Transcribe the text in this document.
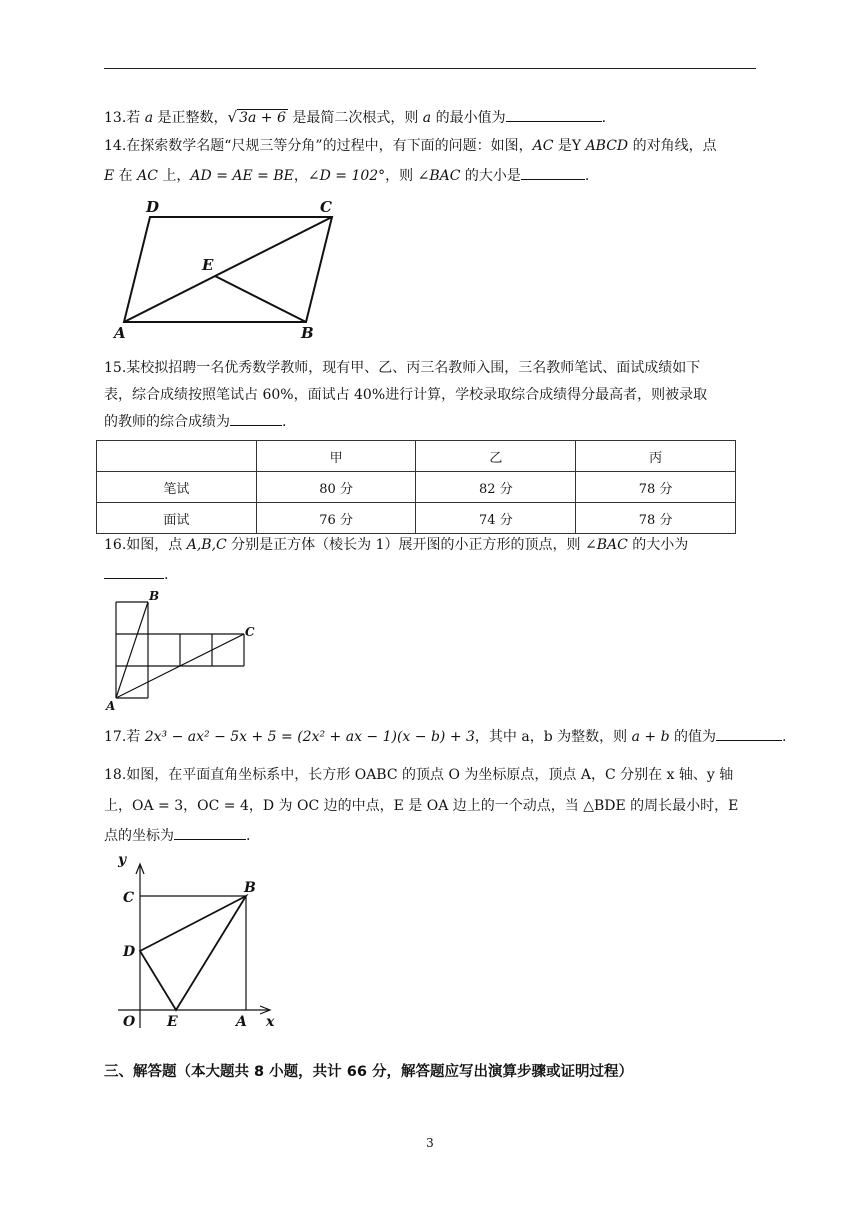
13.若 a 是正整数，√ 3a + 6 是最简二次根式，则 a 的最小值为	.
14.在探索数学名题“尺规三等分角”的过程中，有下面的问题：如图，AC 是Y ABCD 的对角线，点
E 在 AC 上，AD = AE = BE，∠D = 102°，则 ∠BAC 的大小是	.
A	B
C
D
E
15.某校拟招聘一名优秀数学教师，现有甲、乙、丙三名教师入围，三名教师笔试、面试成绩如下
表，综合成绩按照笔试占 60%，面试占 40%进行计算，学校录取综合成绩得分最高者，则被录取
的教师的综合成绩为	.
	甲	乙	丙
笔试	80 分	82 分	78 分
面试	76 分	74 分	78 分
16.如图，点 A,B,C 分别是正方体（棱长为 1）展开图的小正方形的顶点，则 ∠BAC 的大小为
.
A
B
C
17.若 2x³ − ax² − 5x + 5 = (2x² + ax − 1)(x − b) + 3，其中 a，b 为整数，则 a + b 的值为	.
18.如图，在平面直角坐标系中，长方形 OABC 的顶点 O 为坐标原点，顶点 A，C 分别在 x 轴、y 轴
上，OA = 3，OC = 4，D 为 OC 边的中点，E 是 OA 边上的一个动点，当 △BDE 的周长最小时，E
点的坐标为	.
y
x
O	A
B
C
D
E
三、解答题（本大题共 8 小题，共计 66 分，解答题应写出演算步骤或证明过程）
3
